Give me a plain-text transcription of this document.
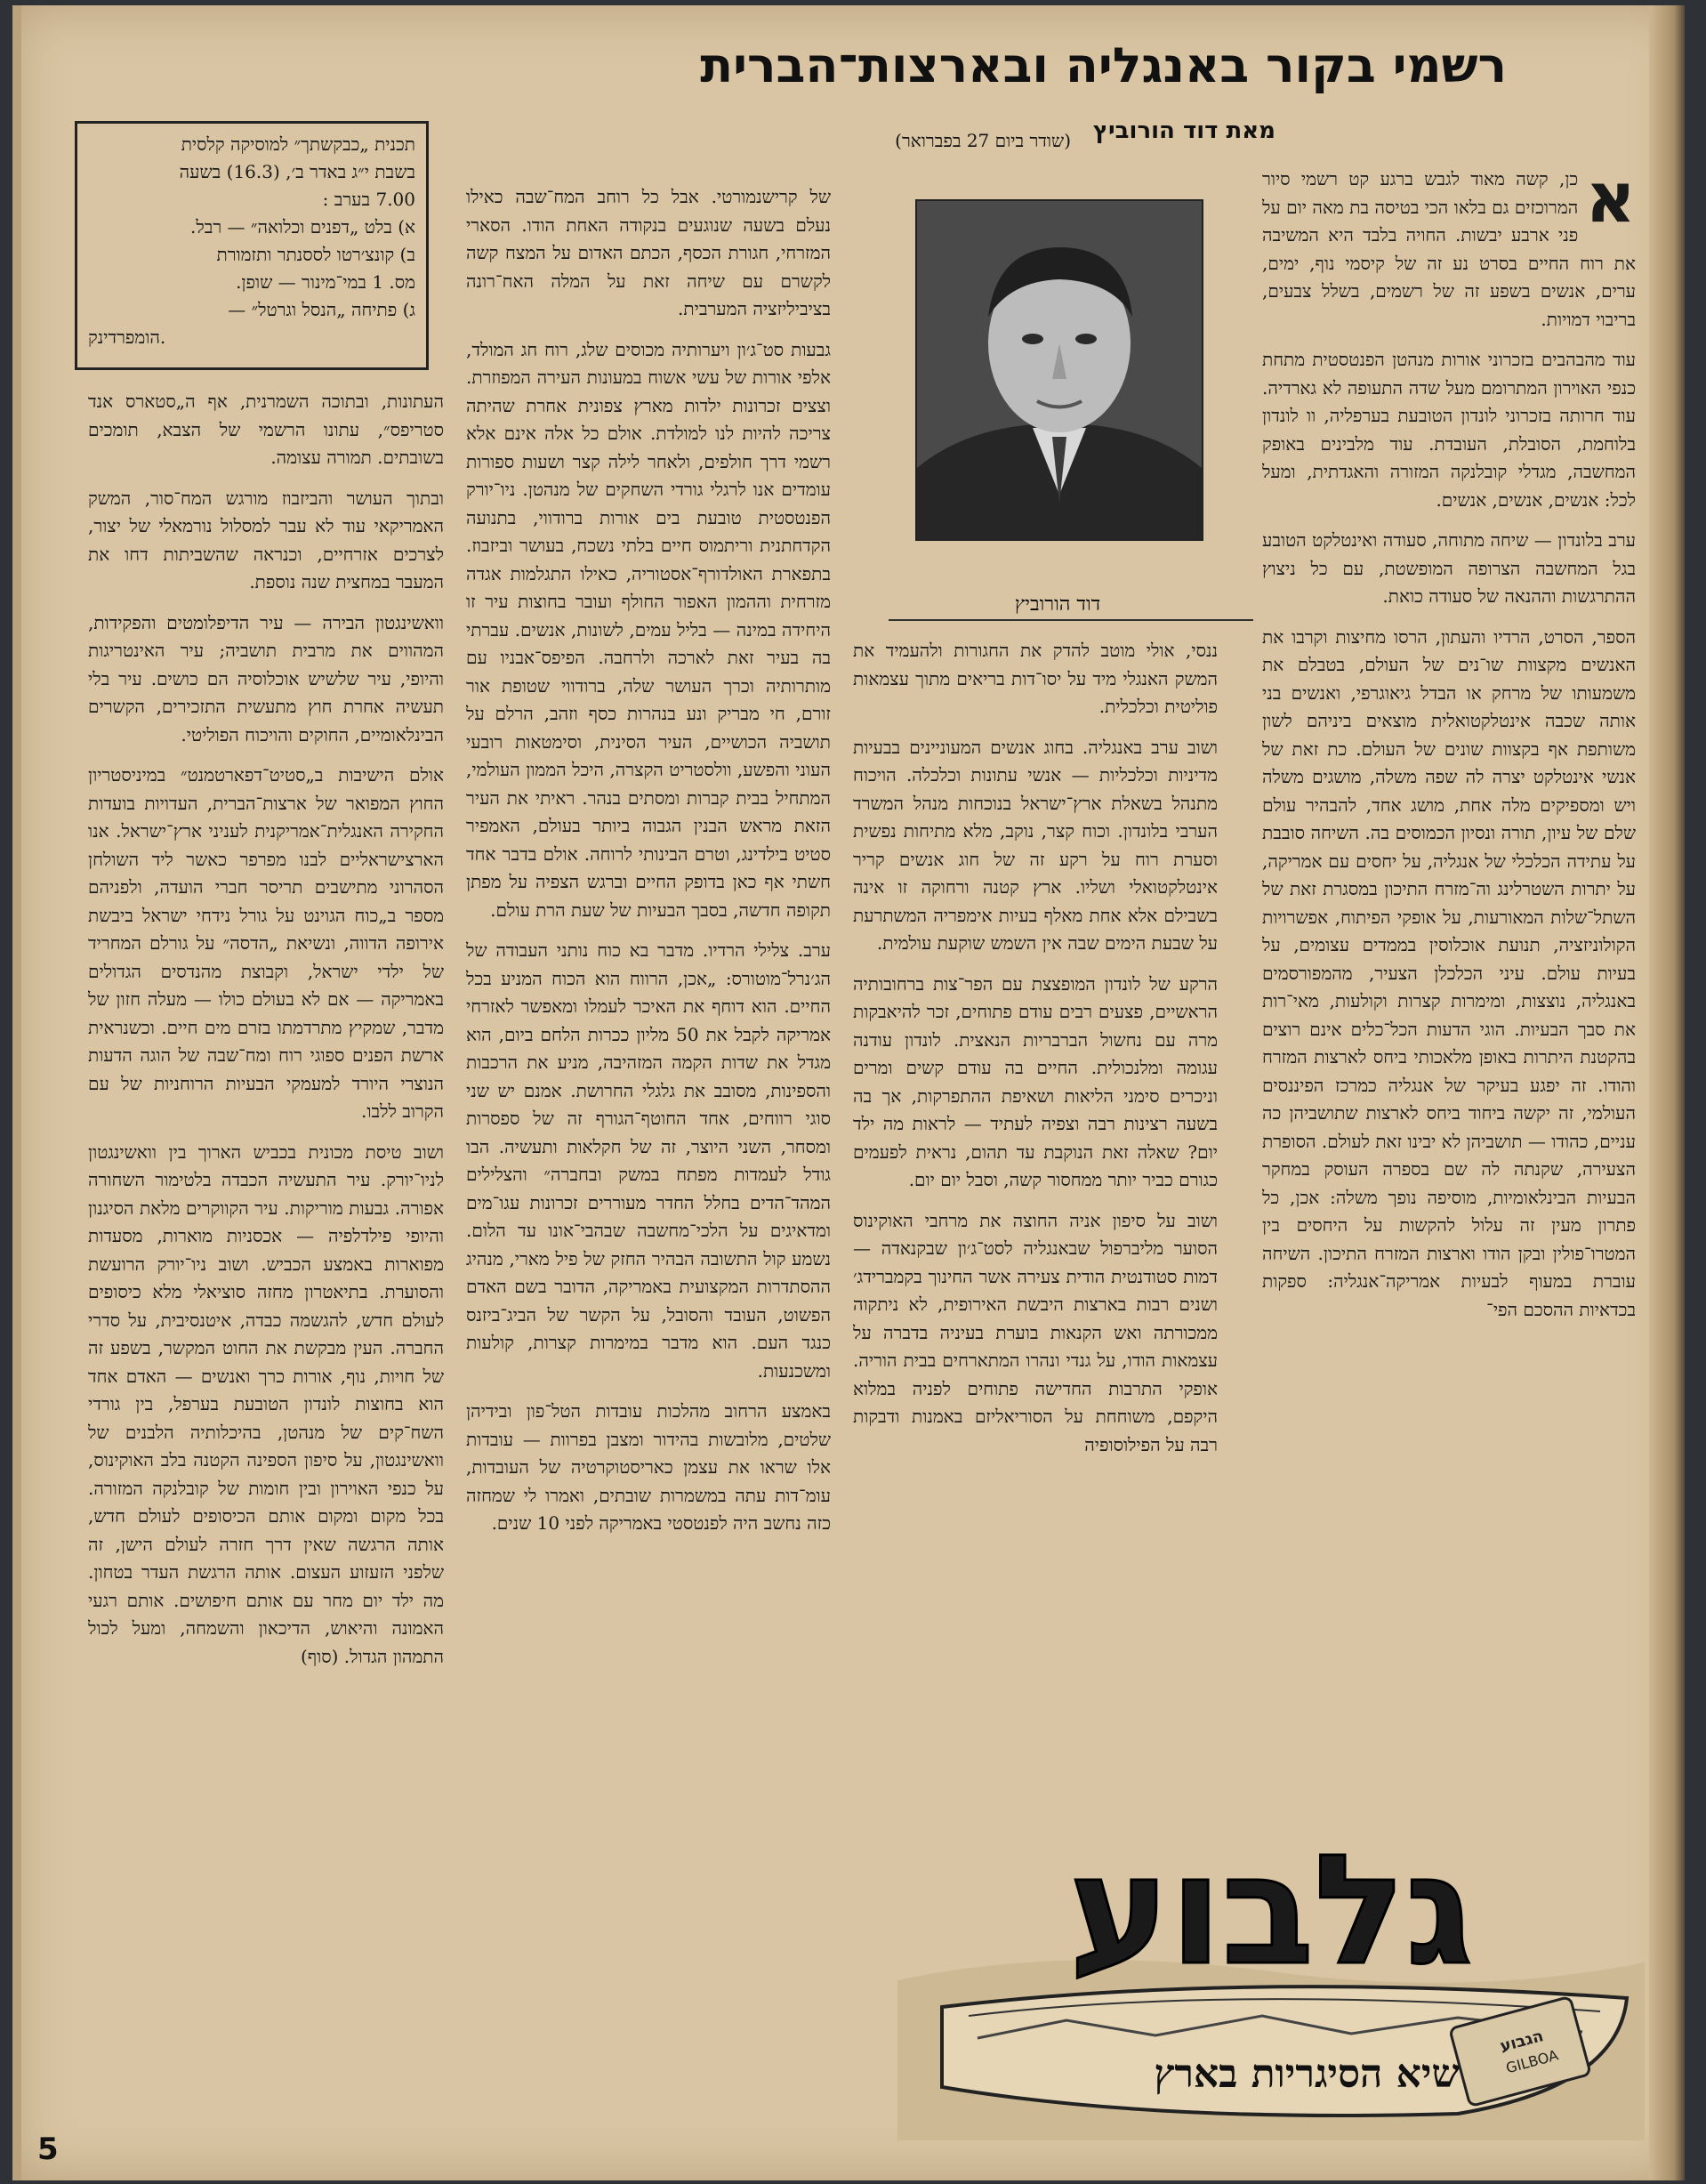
רשמי בקור באנגליה ובארצות־הברית
מאת דוד הורוביץ
(שודר ביום 27 בפברואר)
א

כן, קשה מאוד לגבש ברגע קט רשמי סיור המרוכזים גם בלאו הכי בטיסה בת מאה יום על פני ארבע יבשות. החויה בלבד היא המשיבה את רוח החיים בסרט נע זה של קיסמי נוף, ימים, ערים, אנשים בשפע זה של רשמים, בשלל צבעים, בריבוי דמויות.

עוד מהבהבים בזכרוני אורות מנהטן הפנטסטית מתחת כנפי האוירון המתרומם מעל שדה התעופה לא גארדיה. עוד חרותה בזכרוני לונדון הטובעת בערפליה, וו לונדון בלוחמת, הסובלת, העובדת. עוד מלבינים באופק המחשבה, מגדלי קובלנקה המזורה והאגדתית, ומעל לכל: אנשים, אנשים, אנשים.

ערב בלונדון — שיחה מתוחה, סעודה ואינטלקט הטובע בגל המחשבה הצרופה המופשטת, עם כל ניצוץ ההתרגשות וההנאה של סעודה כואת.

הספר, הסרט, הרדיו והעתון, הרסו מחיצות וקרבו את האנשים מקצוות שו־נים של העולם, בטבלם את משמעותו של מרחק או הבדל גיאוגרפי, ואנשים בני אותה שכבה אינטלקטואלית מוצאים ביניהם לשון משותפת אף בקצוות שונים של העולם. כת זאת של אנשי אינטלקט יצרה לה שפה משלה, מושגים משלה ויש ומספיקים מלה אחת, מושג אחד, להבהיר עולם שלם של עיון, תורה ונסיון הכמוסים בה. השיחה סובבת על עתידה הכלכלי של אנגליה, על יחסים עם אמריקה, על יתרות השטרלינג וה־מזרח התיכון במסגרת זאת של השתל־שלות המאורעות, על אופקי הפיתוח, אפשרויות הקולוניזציה, תנועת אוכלוסין בממדים עצומים, על בעיות עולם. עיני הכלכלן הצעיר, מהמפורסמים באנגליה, נוצצות, ומימרות קצרות וקולעות, מאי־רות את סבך הבעיות. הוגי הדעות הכל־כלים אינם רוצים בהקטנת היתרות באופן מלאכותי ביחס לארצות המזרח והודו. זה יפגע בעיקר של אנגליה כמרכז הפיננסים העולמי, זה יקשה ביחוד ביחס לארצות שתושביהן כה עניים, כהודו — תושביהן לא יבינו זאת לעולם. הסופרת הצעירה, שקנתה לה שם בספרה העוסק במחקר הבעיות הבינלאומיות, מוסיפה נופך משלה: אכן, כל פתרון מעין זה עלול להקשות על היחסים בין המטרו־פולין ובקן הודו וארצות המזרח התיכון. השיחה עוברת במעוף לבעיות אמריקה־אנגליה: ספקות בכדאיות ההסכם הפי־

ננסי, אולי מוטב להדק את החגורות ולהעמיד את המשק האנגלי מיד על יסו־דות בריאים מתוך עצמאות פוליטית וכלכלית.

ושוב ערב באנגליה. בחוג אנשים המעוניינים בבעיות מדיניות וכלכליות — אנשי עתונות וכלכלה. הויכוח מתנהל בשאלת ארץ־ישראל בנוכחות מנהל המשרד הערבי בלונדון. וכוח קצר, נוקב, מלא מתיחות נפשית וסערת רוח על רקע זה של חוג אנשים קריר אינטלקטואלי ושליו. ארץ קטנה ורחוקה זו אינה בשבילם אלא אחת מאלף בעיות אימפריה המשתרעת על שבעת הימים שבה אין השמש שוקעת עולמית.

הרקע של לונדון המופצצת עם הפר־צות ברחובותיה הראשיים, פצעים רבים עודם פתוחים, זכר להיאבקות מרה עם נחשול הברבריות הנאצית. לונדון עודנה עגומה ומלנכולית. החיים בה עודם קשים ומרים וניכרים סימני הליאות ושאיפת ההתפרקות, אך בה בשעה רצינות רבה וצפיה לעתיד — לראות מה ילד יום? שאלה זאת הנוקבת עד תהום, נראית לפעמים כגורם כביר יותר ממחסור קשה, וסבל יום יום.

ושוב על סיפון אניה החוצה את מרחבי האוקינוס הסוער מליברפול שבאנגליה לסט־ג׳ון שבקנאדה — דמות סטודנטית הודית צעירה אשר החינוך בקמברידג׳ ושנים רבות בארצות היבשת האירופית, לא ניתקוה ממכורתה ואש הקנאות בוערת בעיניה בדברה על עצמאות הודו, על גנדי ונהרו המתארחים בבית הוריה. אופקי התרבות החדישה פתוחים לפניה במלוא היקפם, משוחחת על הסוריאליזם באמנות ודבקות רבה על הפילוסופיה

דוד הורוביץ

של קרישנמורטי. אבל כל רוחב המח־שבה כאילו נעלם בשעה שנוגעים בנקודה האחת הודו. הסארי המזרחי, חגורת הכסף, הכתם האדום על המצח קשה לקשרם עם שיחה זאת על המלה האח־רונה בציביליזציה המערבית.

גבעות סט־ג׳ון ויערותיה מכוסים שלג, רוח חג המולד, אלפי אורות של עשי אשוח במעונות העירה המפוזרת. וצצים זכרונות ילדות מארץ צפונית אחרת שהיתה צריכה להיות לנו למולדת. אולם כל אלה אינם אלא רשמי דרך חולפים, ולאחר לילה קצר ושעות ספורות עומדים אנו לרגלי גורדי השחקים של מנהטן. ניו־יורק הפנטסטית טובעת בים אורות ברודווי, בתנועה הקדחתנית וריתמוס חיים בלתי נשכח, בעושר וביזבוז. בתפארת האולדורף־אסטוריה, כאילו התגלמות אגדה מזרחית וההמון האפור החולף ועובר בחוצות עיר זו היחידה במינה — בליל עמים, לשונות, אנשים. עברתי בה בעיר זאת לארכה ולרחבה. הפיפס־אבניו עם מותרותיה וכרך העושר שלה, ברודווי שטופת אור זורם, חי מבריק ונע בנהרות כסף וזהב, הרלם על תושביה הכושיים, העיר הסינית, וסימטאות רובעי העוני והפשע, וולסטריט הקצרה, היכל הממון העולמי, המתחיל בבית קברות ומסתים בנהר. ראיתי את העיר הזאת מראש הבנין הגבוה ביותר בעולם, האמפיר סטיט בילדינג, וטרם הבינותי לרוחה. אולם בדבר אחד חשתי אף כאן בדופק החיים וברגש הצפיה על מפתן תקופה חדשה, בסבך הבעיות של שעת הרת עולם.

ערב. צלילי הרדיו. מדבר בא כוח נותני העבודה של הג׳נרל־מוטורס: „אכן, הרווח הוא הכוח המניע בכל החיים. הוא דוחף את האיכר לעמלו ומאפשר לאזרחי אמריקה לקבל את 50 מליון ככרות הלחם ביום, הוא מגדל את שדות הקמה המזהיבה, מניע את הרכבות והספינות, מסובב את גלגלי החרושת. אמנם יש שני סוגי רווחים, אחד החוטף־הגורף זה של ספסרות ומסחר, השני היוצר, זה של חקלאות ותעשיה. הבו גודל לעמדות מפתח במשק ובחברה״ והצלילים המהד־הדים בחלל החדר מעוררים זכרונות עגו־מים ומדאיגים על הלכי־מחשבה שבהבי־אונו עד הלום. נשמע קול התשובה הבהיר החזק של פיל מארי, מנהיג ההסתדרות המקצועית באמריקה, הדובר בשם האדם הפשוט, העובד והסובל, על הקשר של הביג־ביזנס כנגד העם. הוא מדבר במימרות קצרות, קולעות ומשכנעות.

באמצע הרחוב מהלכות עובדות הטל־פון ובידיהן שלטים, מלובשות בהידור ומצבן בפרוות — עובדות אלו שראו את עצמן כאריסטוקרטיה של העובדות, עומ־דות עתה במשמרות שובתים, ואמרו לי שמחזה כזה נחשב היה לפנטסטי באמריקה לפני 10 שנים.

תכנית „כבקשתך״ למוסיקה קלסית
בשבת י״ג באדר ב׳, (16.3) בשעה
7.00 בערב :
א) בלט „דפנים וכלואה״ — רבל.
ב) קונצ׳רטו לססנתר ותזמורת
מס. 1 במי־מינור — שופן.
ג) פתיחה „הנסל וגרטל״ —
הומפרדינק.

העתונות, ובתוכה השמרנית, אף ה„סטארס אנד סטריפס״, עתונו הרשמי של הצבא, תומכים בשובתים. תמורה עצומה.

ובתוך העושר והביזבוז מורגש המח־סור, המשק האמריקאי עוד לא עבר למסלול נורמאלי של יצור, לצרכים אזרחיים, וכנראה שהשביתות דחו את המעבר במחצית שנה נוספת.

וואשינגטון הבירה — עיר הדיפלומטים והפקידות, המהווים את מרבית תושביה; עיר האינטריגות והיופי, עיר שלשיש אוכלוסיה הם כושים. עיר בלי תעשיה אחרת חוץ מתעשית התזכירים, הקשרים הבינלאומיים, החוקים והויכוח הפוליטי.

אולם הישיבות ב„סטיט־דפארטמנט״ במיניסטריון החוץ המפואר של ארצות־הברית, העדויות בועדות החקירה האנגלית־אמריקנית לעניני ארץ־ישראל. אנו הארצישראליים לבנו מפרפר כאשר ליד השולחן הסהרוני מתישבים תריסר חברי הועדה, ולפניהם מספר ב„כוח הגוינט על גורל נידחי ישראל ביבשת אירופה הדווה, ונשיאת „הדסה״ על גורלם המחריד של ילדי ישראל, וקבוצת מהנדסים הגדולים באמריקה — אם לא בעולם כולו — מעלה חזון של מדבר, שמקיץ מתרדמתו בזרם מים חיים. וכשנראית ארשת הפנים ספוגי רוח ומח־שבה של הוגה הדעות הנוצרי היורד למעמקי הבעיות הרוחניות של עם הקרוב ללבו.

ושוב טיסת מכונית בכביש הארוך בין וואשינגטון לניו־יורק. עיר התעשיה הכבדה בלטימור השחורה אפורה. גבעות מוריקות. עיר הקווקרים מלאת הסיגנון והיופי פילדלפיה — אכסניות מוארות, מסעדות מפוארות באמצע הכביש. ושוב ניו־יורק הרועשת והסוערת. בתיאטרון מחזה סוציאלי מלא כיסופים לעולם חדש, להגשמה כבדה, איטנסיבית, על סדרי החברה. העין מבקשת את החוט המקשר, בשפע זה של חויות, נוף, אורות כרך ואנשים — האדם אחד הוא בחוצות לונדון הטובעת בערפל, בין גורדי השח־קים של מנהטן, בהיכלותיה הלבנים של וואשינגטון, על סיפון הספינה הקטנה בלב האוקינוס, על כנפי האוירון ובין חומות של קובלנקה המזורה. בכל מקום ומקום אותם הכיסופים לעולם חדש, אותה הרגשה שאין דרך חזרה לעולם הישן, זה שלפני הזעזוע העצום. אותה הרגשת העדר בטחון. מה ילד יום מחר עם אותם חיפושים. אותם רגעי האמונה והיאוש, הדיכאון והשמחה, ומעל לכול התמהון הגדול. (סוף)

הגבוע
GILBOA
גלבוע
שיא הסיגריות בארץ
5
